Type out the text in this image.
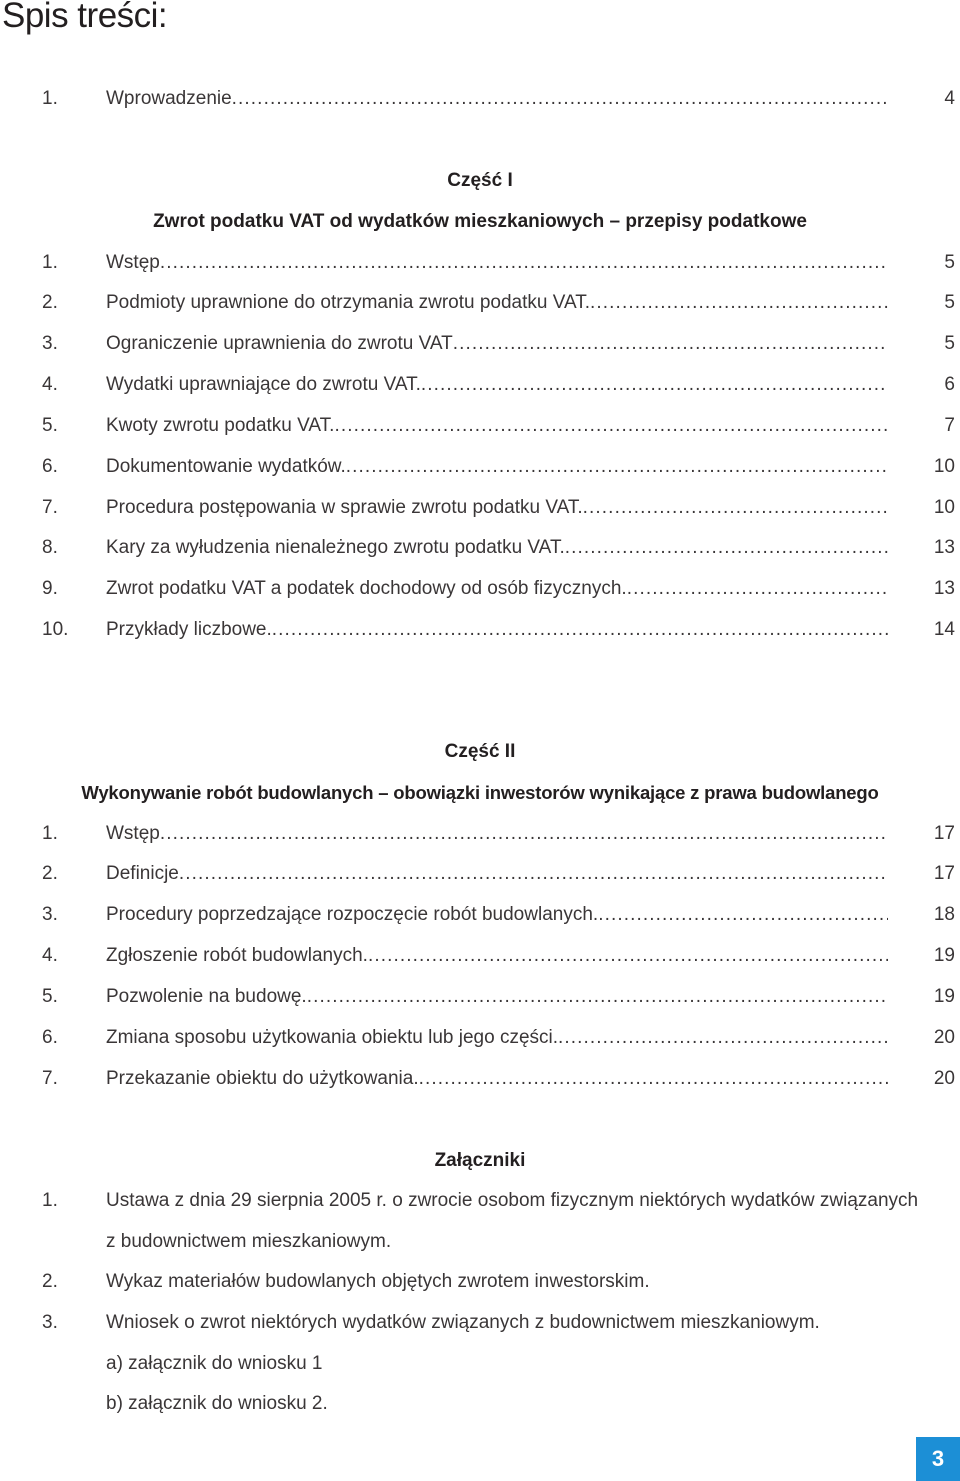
Spis treści:
1.	Wprowadzenie .....	4
Część I
Zwrot podatku VAT od wydatków mieszkaniowych – przepisy podatkowe
1.	Wstęp .....	5
2.	Podmioty uprawnione do otrzymania zwrotu podatku VAT. .....	5
3.	Ograniczenie uprawnienia do zwrotu VAT .....	5
4.	Wydatki uprawniające do zwrotu VAT. .....	6
5.	Kwoty zwrotu podatku VAT. .....	7
6.	Dokumentowanie wydatków. .....	10
7.	Procedura postępowania w sprawie zwrotu podatku VAT. .....	10
8.	Kary za wyłudzenia nienależnego zwrotu podatku VAT. .....	13
9.	Zwrot podatku VAT a podatek dochodowy od osób fizycznych. .....	13
10. Przykłady liczbowe. .....	14
Część II
Wykonywanie robót budowlanych – obowiązki inwestorów wynikające z prawa budowlanego
1.	Wstęp .....	17
2.	Definicje .....	17
3.	Procedury poprzedzające rozpoczęcie robót budowlanych. .....	18
4.	Zgłoszenie robót budowlanych. .....	19
5.	Pozwolenie na budowę. .....	19
6.	Zmiana sposobu użytkowania obiektu lub jego części. .....	20
7.	Przekazanie obiektu do użytkowania. .....	20
Załączniki
1.	Ustawa z dnia 29 sierpnia 2005 r. o zwrocie osobom fizycznym niektórych wydatków związanych
z budownictwem mieszkaniowym.
2.	Wykaz materiałów budowlanych objętych zwrotem inwestorskim.
3.	Wniosek o zwrot niektórych wydatków związanych z budownictwem mieszkaniowym.
a) załącznik do wniosku 1
b) załącznik do wniosku 2.
3
